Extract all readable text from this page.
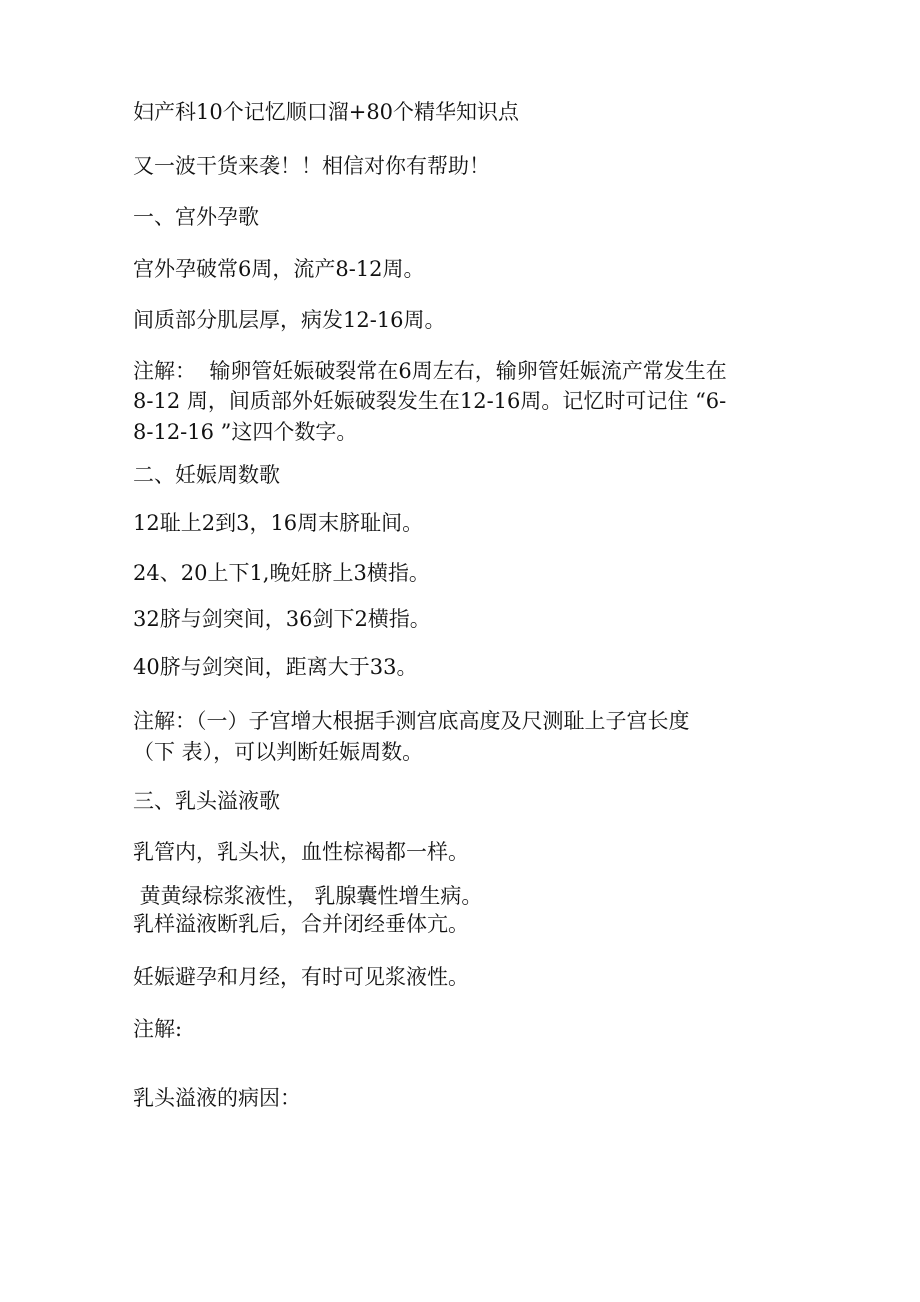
妇产科10个记忆顺口溜+80个精华知识点

又一波干货来袭！！相信对你有帮助！

一、宫外孕歌

宫外孕破常6周，流产8-12周。

间质部分肌层厚，病发12-16周。

注解：  输卵管妊娠破裂常在6周左右，输卵管妊娠流产常发生在

8-12 周，间质部外妊娠破裂发生在12-16周。记忆时可记住 “6-

8-12-16 ”这四个数字。

二、妊娠周数歌

12耻上2到3，16周末脐耻间。

24、20上下1,晚妊脐上3横指。

32脐与剑突间，36剑下2横指。

40脐与剑突间，距离大于33。

注解：（一）子宫增大根据手测宫底高度及尺测耻上子宫长度

（下 表），可以判断妊娠周数。

三、乳头溢液歌

乳管内，乳头状，血性棕褐都一样。

黄黄绿棕浆液性， 乳腺囊性增生病。

乳样溢液断乳后，合并闭经垂体亢。

妊娠避孕和月经，有时可见浆液性。

注解:

乳头溢液的病因：
